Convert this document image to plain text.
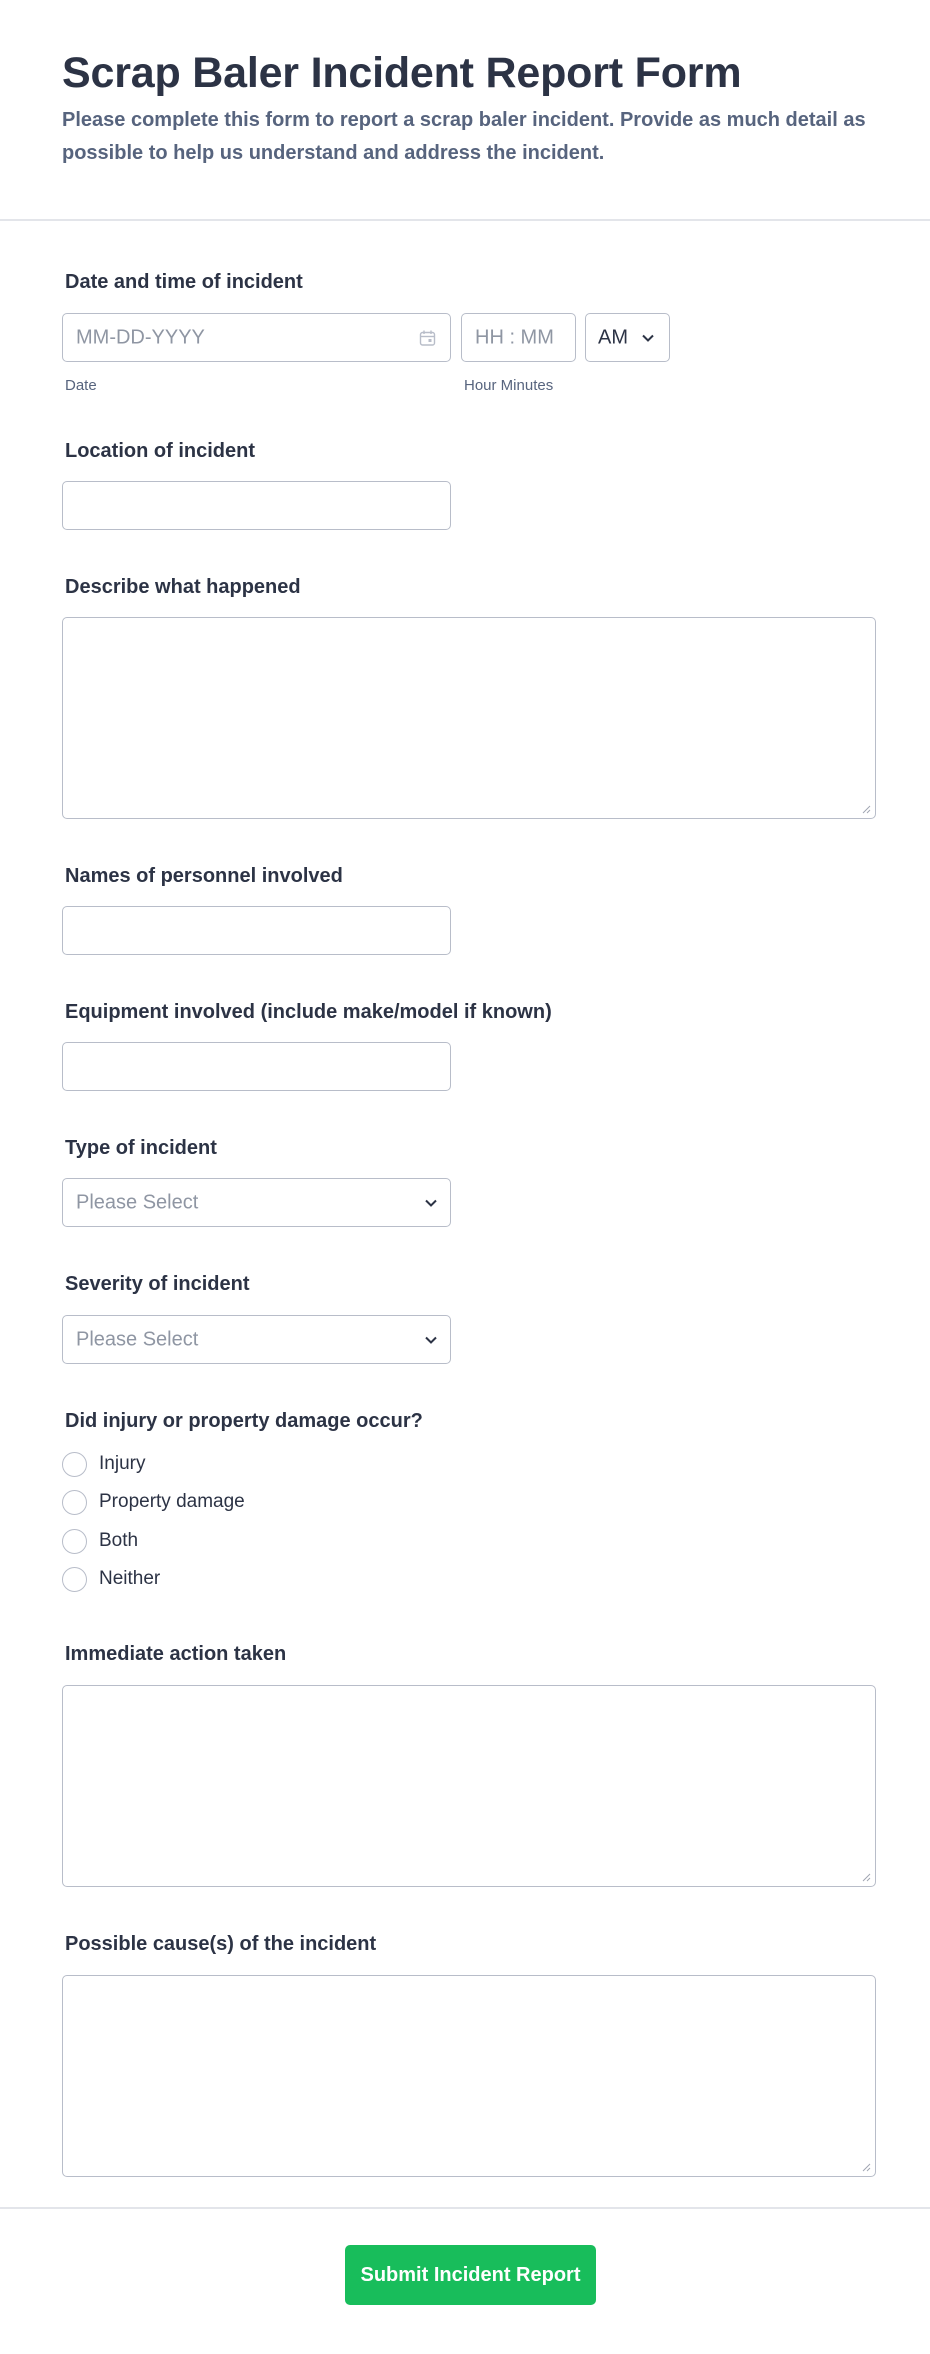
Scrap Baler Incident Report Form
Please complete this form to report a scrap baler incident. Provide as much detail as possible to help us understand and address the incident.
Date and time of incident
MM-DD-YYYY
Date
HH : MM
Hour Minutes
AM
Location of incident
Describe what happened
Names of personnel involved
Equipment involved (include make/model if known)
Type of incident
Please Select
Severity of incident
Please Select
Did injury or property damage occur?
Injury
Property damage
Both
Neither
Immediate action taken
Possible cause(s) of the incident
Submit Incident Report
